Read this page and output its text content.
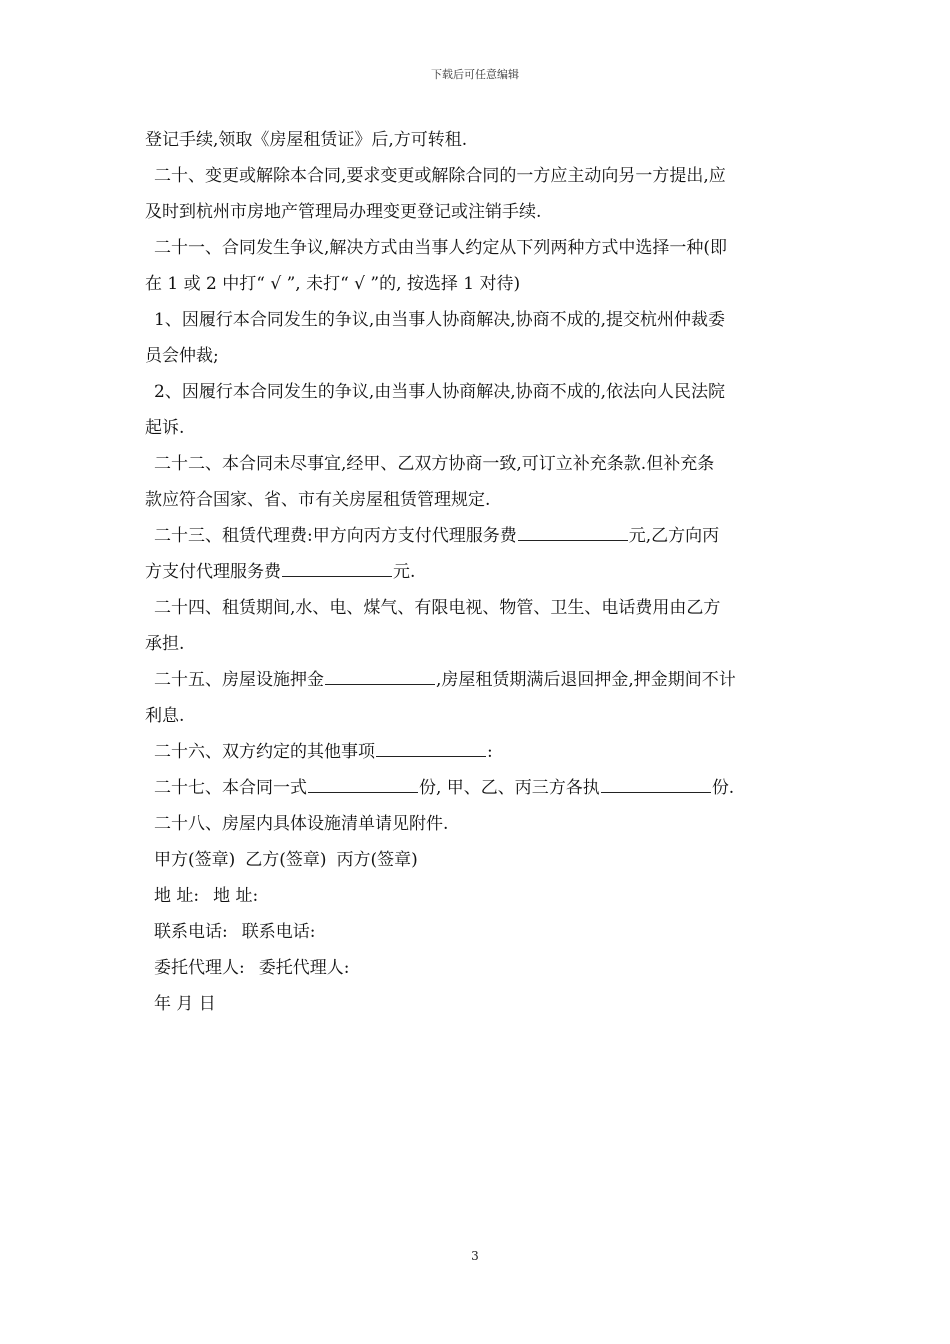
下载后可任意编辑
登记手续,领取《房屋租赁证》后,方可转租.
二十、变更或解除本合同,要求变更或解除合同的一方应主动向另一方提出,应
及时到杭州市房地产管理局办理变更登记或注销手续.
二十一、合同发生争议,解决方式由当事人约定从下列两种方式中选择一种(即
在 1 或 2 中打“ √ ”, 未打“ √ ”的, 按选择 1 对待)
1、因履行本合同发生的争议,由当事人协商解决,协商不成的,提交杭州仲裁委
员会仲裁;
2、因履行本合同发生的争议,由当事人协商解决,协商不成的,依法向人民法院
起诉.
二十二、本合同未尽事宜,经甲、乙双方协商一致,可订立补充条款.但补充条
款应符合国家、省、市有关房屋租赁管理规定.
二十三、租赁代理费:甲方向丙方支付代理服务费	元,乙方向丙
方支付代理服务费	元.
二十四、租赁期间,水、电、煤气、有限电视、物管、卫生、电话费用由乙方
承担.
二十五、房屋设施押金	,房屋租赁期满后退回押金,押金期间不计
利息.
二十六、双方约定的其他事项	:
二十七、本合同一式	份, 甲、乙、丙三方各执	份.
二十八、房屋内具体设施清单请见附件.
甲方(签章) 乙方(签章) 丙方(签章)
地 址: 地 址:
联系电话: 联系电话:
委托代理人: 委托代理人:
年 月 日
3
